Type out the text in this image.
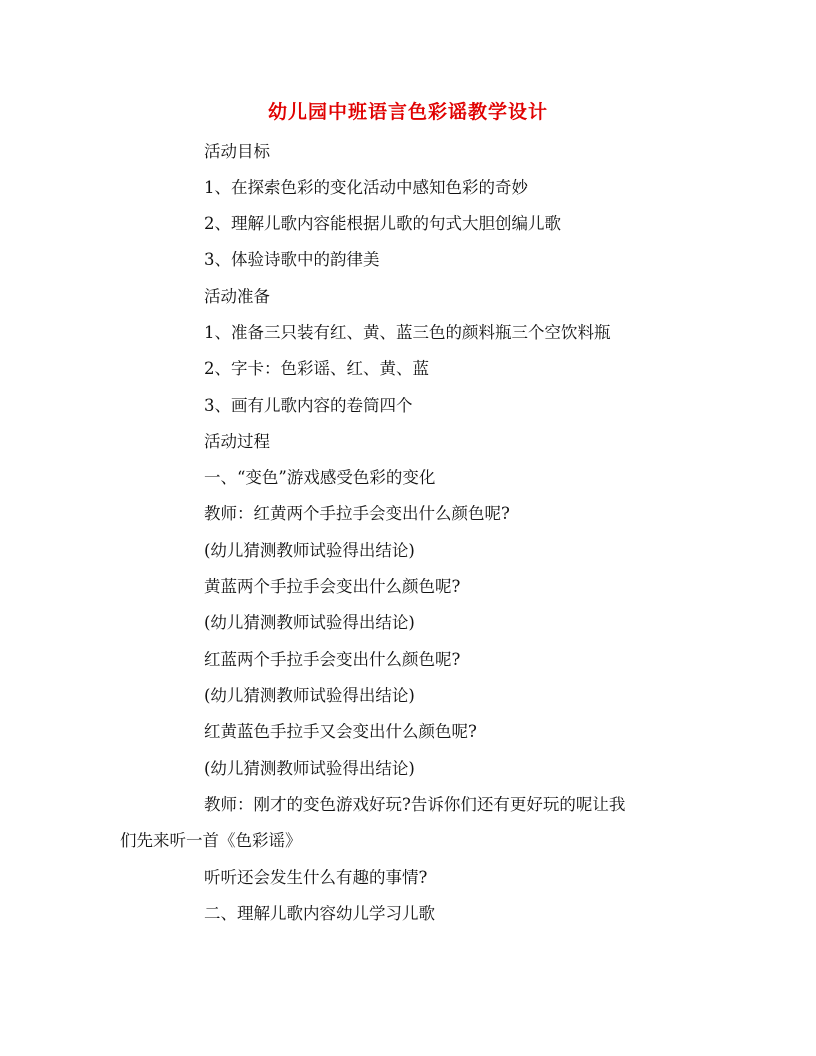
幼儿园中班语言色彩谣教学设计
活动目标
1、在探索色彩的变化活动中感知色彩的奇妙
2、理解儿歌内容能根据儿歌的句式大胆创编儿歌
3、体验诗歌中的韵律美
活动准备
1、准备三只装有红、黄、蓝三色的颜料瓶三个空饮料瓶
2、字卡：色彩谣、红、黄、蓝
3、画有儿歌内容的卷筒四个
活动过程
一、“变色”游戏感受色彩的变化
教师：红黄两个手拉手会变出什么颜色呢?
(幼儿猜测教师试验得出结论)
黄蓝两个手拉手会变出什么颜色呢?
(幼儿猜测教师试验得出结论)
红蓝两个手拉手会变出什么颜色呢?
(幼儿猜测教师试验得出结论)
红黄蓝色手拉手又会变出什么颜色呢?
(幼儿猜测教师试验得出结论)
教师：刚才的变色游戏好玩?告诉你们还有更好玩的呢让我
们先来听一首《色彩谣》
听听还会发生什么有趣的事情?
二、理解儿歌内容幼儿学习儿歌
